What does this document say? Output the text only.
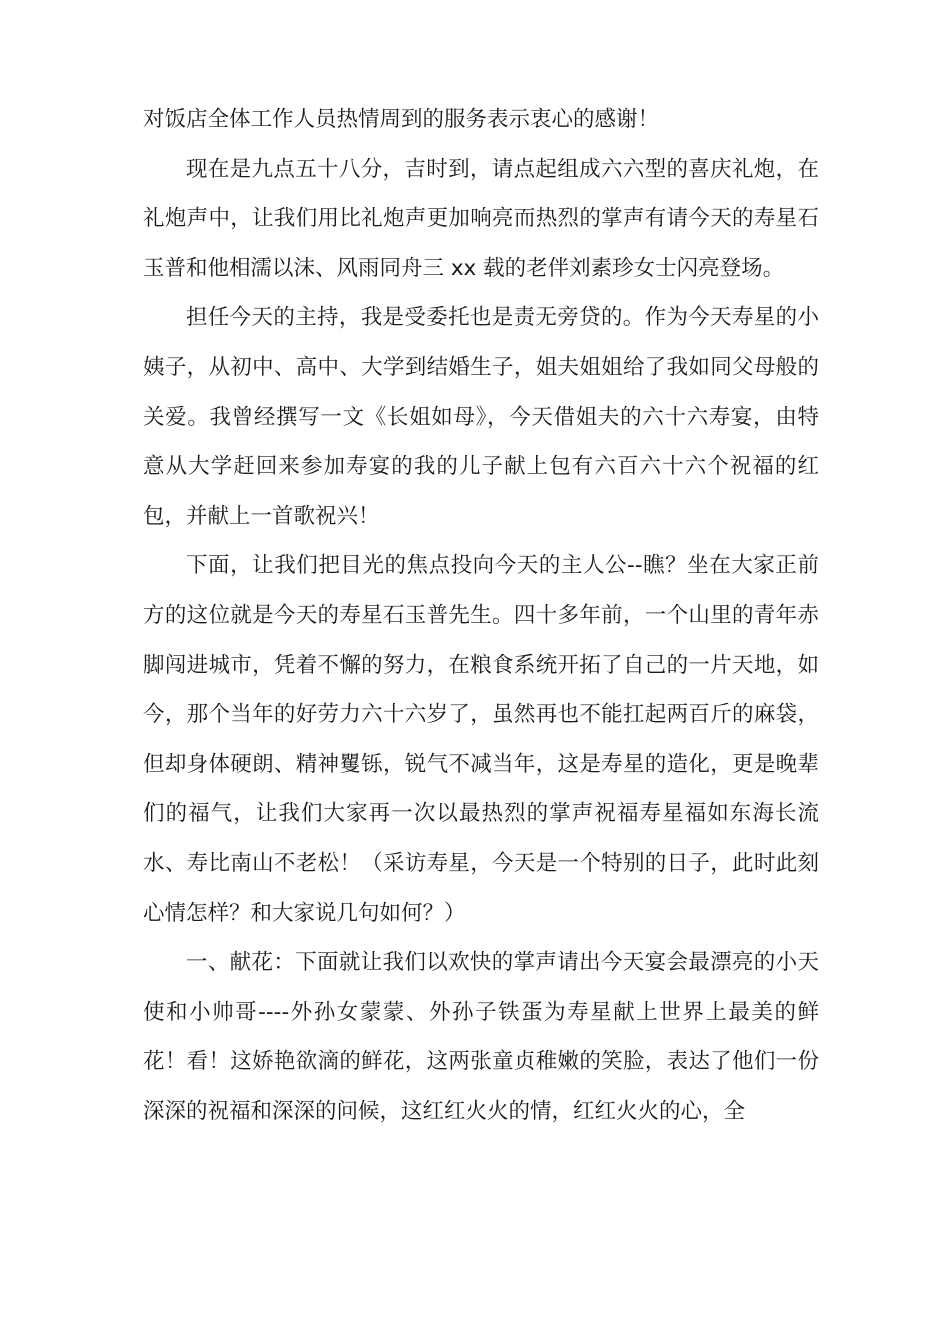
对饭店全体工作人员热情周到的服务表示衷心的感谢！

现在是九点五十八分，吉时到，请点起组成六六型的喜庆礼炮，在礼炮声中，让我们用比礼炮声更加响亮而热烈的掌声有请今天的寿星石玉普和他相濡以沫、风雨同舟三 xx 载的老伴刘素珍女士闪亮登场。

担任今天的主持，我是受委托也是责无旁贷的。作为今天寿星的小姨子，从初中、高中、大学到结婚生子，姐夫姐姐给了我如同父母般的关爱。我曾经撰写一文《长姐如母》，今天借姐夫的六十六寿宴，由特意从大学赶回来参加寿宴的我的儿子献上包有六百六十六个祝福的红包，并献上一首歌祝兴！

下面，让我们把目光的焦点投向今天的主人公--瞧？坐在大家正前方的这位就是今天的寿星石玉普先生。四十多年前，一个山里的青年赤脚闯进城市，凭着不懈的努力，在粮食系统开拓了自己的一片天地，如今，那个当年的好劳力六十六岁了，虽然再也不能扛起两百斤的麻袋，但却身体硬朗、精神矍铄，锐气不减当年，这是寿星的造化，更是晚辈们的福气，让我们大家再一次以最热烈的掌声祝福寿星福如东海长流水、寿比南山不老松！（采访寿星，今天是一个特别的日子，此时此刻心情怎样？和大家说几句如何？）

一、献花：下面就让我们以欢快的掌声请出今天宴会最漂亮的小天使和小帅哥----外孙女蒙蒙、外孙子铁蛋为寿星献上世界上最美的鲜花！看！这娇艳欲滴的鲜花，这两张童贞稚嫩的笑脸，表达了他们一份深深的祝福和深深的问候，这红红火火的情，红红火火的心，全
